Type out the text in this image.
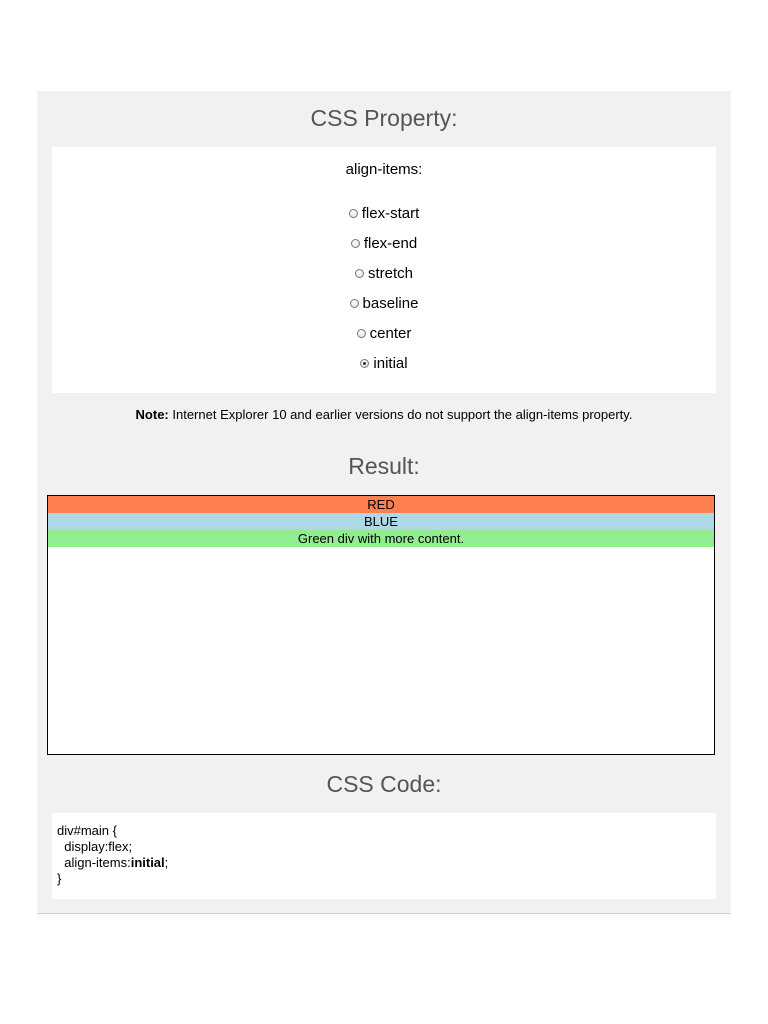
CSS Property:
align-items:
flex-start
flex-end
stretch
baseline
center
initial
Note: Internet Explorer 10 and earlier versions do not support the align-items property.
Result:
RED
BLUE
Green div with more content.
CSS Code:
div#main {
display:flex;
align-items:initial;
}
